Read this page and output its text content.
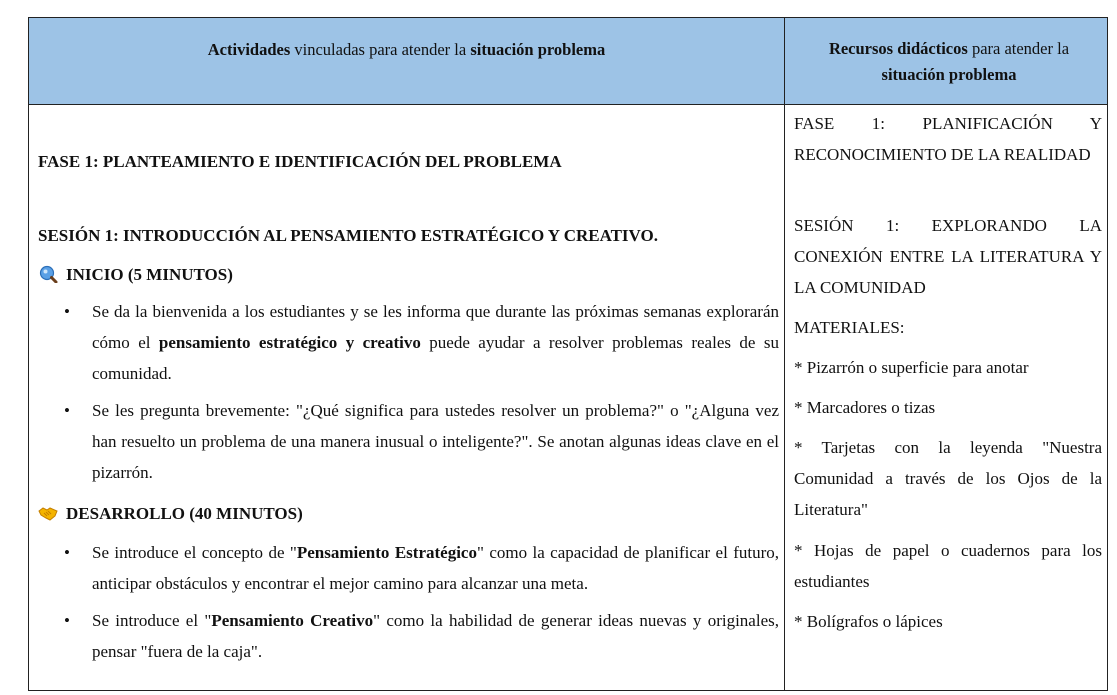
Actividades vinculadas para atender la situación problema	Recursos didácticos para atender la
situación problema
FASE 1: PLANTEAMIENTO E IDENTIFICACIÓN DEL PROBLEMA
SESIÓN 1: INTRODUCCIÓN AL PENSAMIENTO ESTRATÉGICO Y CREATIVO.
INICIO (5 MINUTOS)
• Se da la bienvenida a los estudiantes y se les informa que durante las próximas semanas explorarán cómo el pensamiento estratégico y creativo puede ayudar a resolver problemas reales de su comunidad.
• Se les pregunta brevemente: "¿Qué significa para ustedes resolver un problema?" o "¿Alguna vez han resuelto un problema de una manera inusual o inteligente?". Se anotan algunas ideas clave en el pizarrón.
DESARROLLO (40 MINUTOS)
• Se introduce el concepto de "Pensamiento Estratégico" como la capacidad de planificar el futuro, anticipar obstáculos y encontrar el mejor camino para alcanzar una meta.
• Se introduce el "Pensamiento Creativo" como la habilidad de generar ideas nuevas y originales, pensar "fuera de la caja".
FASE 1: PLANIFICACIÓN Y RECONOCIMIENTO DE LA REALIDAD
SESIÓN 1: EXPLORANDO LA CONEXIÓN ENTRE LA LITERATURA Y LA COMUNIDAD
MATERIALES:
* Pizarrón o superficie para anotar
* Marcadores o tizas
* Tarjetas con la leyenda "Nuestra Comunidad a través de los Ojos de la Literatura"
* Hojas de papel o cuadernos para los estudiantes
* Bolígrafos o lápices
